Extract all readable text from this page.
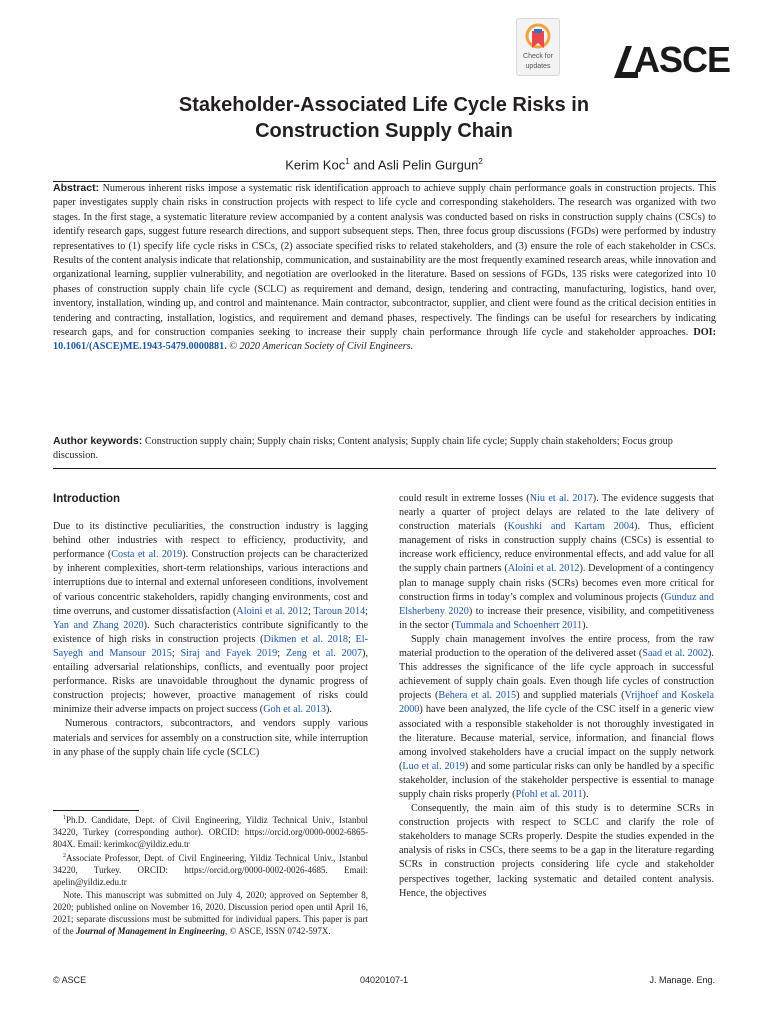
Check for
updates ASCE
Stakeholder-Associated Life Cycle Risks in
Construction Supply Chain
Kerim Koc$^1$ and Asli Pelin Gurgun$^2$
Abstract: Numerous inherent risks impose a systematic risk identification approach to achieve supply chain performance goals in construction projects. This paper investigates supply chain risks in construction projects with respect to life cycle and corresponding stakeholders. The research was organized with two stages. In the first stage, a systematic literature review accompanied by a content analysis was conducted based on risks in construction supply chains (CSCs) to identify research gaps, suggest future research directions, and support subsequent steps. Then, three focus group discussions (FGDs) were performed by industry representatives to (1) specify life cycle risks in CSCs, (2) associate specified risks to related stakeholders, and (3) ensure the role of each stakeholder in CSCs. Results of the content analysis indicate that relationship, communication, and sustainability are the most frequently examined research areas, while innovation and organizational learning, supplier vulnerability, and negotiation are overlooked in the literature. Based on sessions of FGDs, 135 risks were categorized into 10 phases of construction supply chain life cycle (SCLC) as requirement and demand, design, tendering and contracting, manufacturing, logistics, hand over, inventory, installation, winding up, and control and maintenance. Main contractor, subcontractor, supplier, and client were found as the critical decision entities in tendering and contracting, installation, logistics, and requirement and demand phases, respectively. The findings can be useful for researchers by indicating research gaps, and for construction companies seeking to increase their supply chain performance through life cycle and stakeholder approaches. DOI: 10.1061/(ASCE)ME.1943-5479.0000881. © 2020 American Society of Civil Engineers.
Author keywords: Construction supply chain; Supply chain risks; Content analysis; Supply chain life cycle; Supply chain stakeholders; Focus group discussion.
Introduction

Due to its distinctive peculiarities, the construction industry is lagging behind other industries with respect to efficiency, productivity, and performance (Costa et al. 2019). Construction projects can be characterized by inherent complexities, short-term relationships, various interactions and interruptions due to internal and external unforeseen conditions, involvement of various concentric stakeholders, rapidly changing environments, cost and time overruns, and customer dissatisfaction (Aloini et al. 2012; Taroun 2014; Yan and Zhang 2020). Such characteristics contribute significantly to the existence of high risks in construction projects (Dikmen et al. 2018; El-Sayegh and Mansour 2015; Siraj and Fayek 2019; Zeng et al. 2007), entailing adversarial relationships, conflicts, and eventually poor project performance. Risks are unavoidable throughout the dynamic progress of construction projects; however, proactive management of risks could minimize their adverse impacts on project success (Goh et al. 2013).

Numerous contractors, subcontractors, and vendors supply various materials and services for assembly on a construction site, while interruption in any phase of the supply chain life cycle (SCLC)

$^1$Ph.D. Candidate, Dept. of Civil Engineering, Yildiz Technical Univ., Istanbul 34220, Turkey (corresponding author). ORCID: https://orcid.org/0000-0002-6865-804X. Email: kerimkoc@yildiz.edu.tr

$^2$Associate Professor, Dept. of Civil Engineering, Yildiz Technical Univ., Istanbul 34220, Turkey. ORCID: https://orcid.org/0000-0002-0026-4685. Email: apelin@yildiz.edu.tr

Note. This manuscript was submitted on July 4, 2020; approved on September 8, 2020; published online on November 16, 2020. Discussion period open until April 16, 2021; separate discussions must be submitted for individual papers. This paper is part of the Journal of Management in Engineering, © ASCE, ISSN 0742-597X.

could result in extreme losses (Niu et al. 2017). The evidence suggests that nearly a quarter of project delays are related to the late delivery of construction materials (Koushki and Kartam 2004). Thus, efficient management of risks in construction supply chains (CSCs) is essential to increase work efficiency, reduce environmental effects, and add value for all the supply chain partners (Aloini et al. 2012). Development of a contingency plan to manage supply chain risks (SCRs) becomes even more critical for construction firms in today’s complex and voluminous projects (Gunduz and Elsherbeny 2020) to increase their presence, visibility, and competitiveness in the sector (Tummala and Schoenherr 2011).

Supply chain management involves the entire process, from the raw material production to the operation of the delivered asset (Saad et al. 2002). This addresses the significance of the life cycle approach in successful achievement of supply chain goals. Even though life cycles of construction projects (Behera et al. 2015) and supplied materials (Vrijhoef and Koskela 2000) have been analyzed, the life cycle of the CSC itself in a generic view associated with a responsible stakeholder is not thoroughly investigated in the literature. Because material, service, information, and financial flows among involved stakeholders have a crucial impact on the supply network (Luo et al. 2019) and some particular risks can only be handled by a specific stakeholder, inclusion of the stakeholder perspective is essential to manage supply chain risks properly (Pfohl et al. 2011).

Consequently, the main aim of this study is to determine SCRs in construction projects with respect to SCLC and clarify the role of stakeholders to manage SCRs properly. Despite the studies expended in the analysis of risks in CSCs, there seems to be a gap in the literature regarding SCRs in construction projects considering life cycle and stakeholder perspectives together, lacking systematic and detailed content analysis. Hence, the objectives

© ASCE	04020107-1	J. Manage. Eng.
